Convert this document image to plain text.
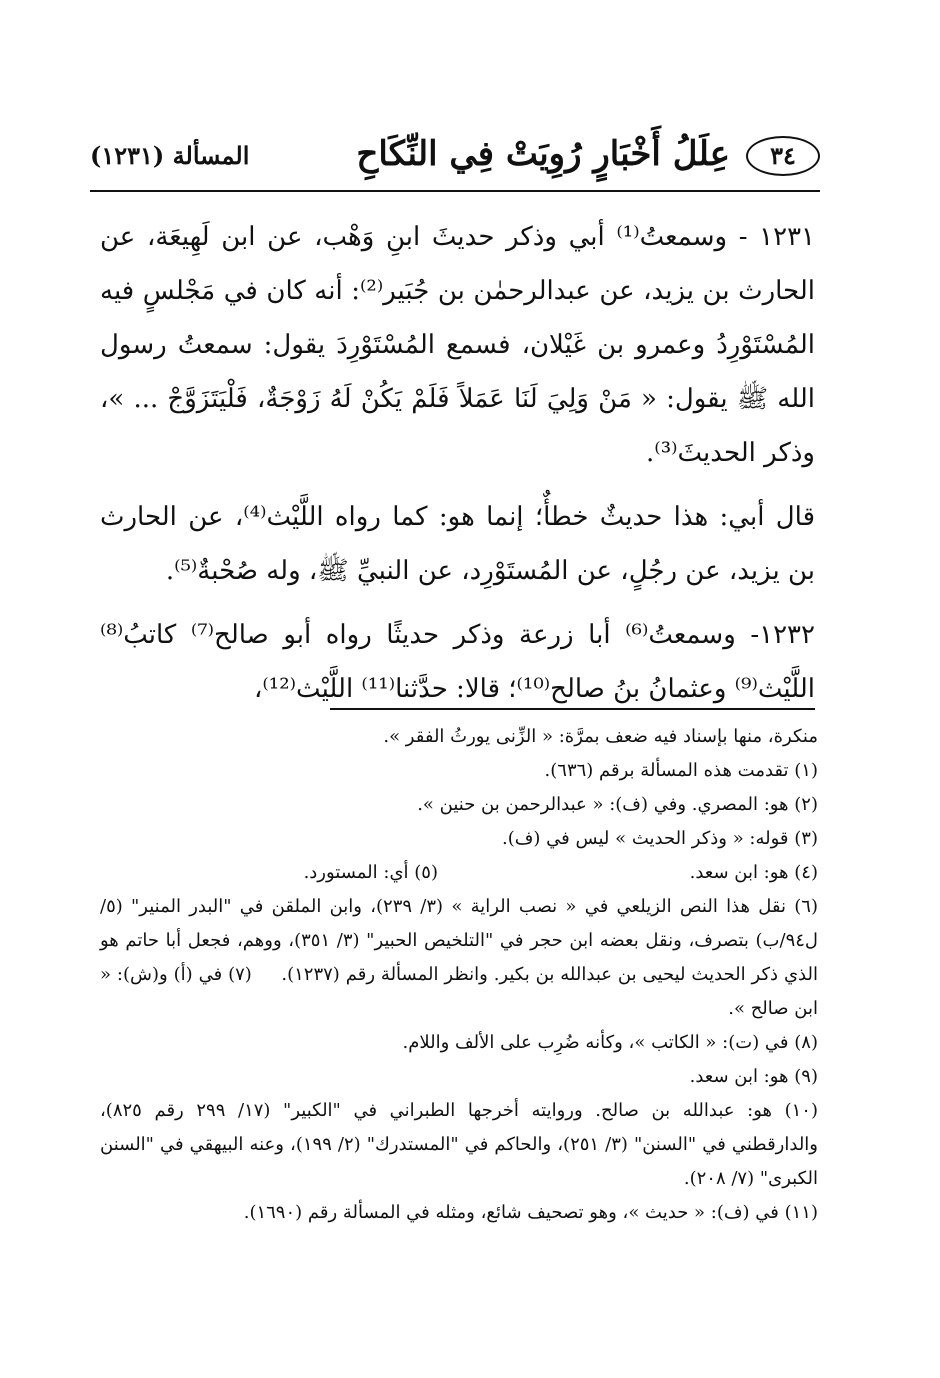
٣٤
عِلَلُ أَخْبَارٍ رُوِيَتْ فِي النِّكَاحِ
المسألة (١٢٣١)

١٢٣١ - وسمعتُ⁽¹⁾ أبي وذكر حديثَ ابنِ وَهْب، عن ابن لَهِيعَة، عن الحارث بن يزيد، عن عبدالرحمٰن بن جُبَير⁽²⁾: أنه كان في مَجْلسٍ فيه المُسْتَوْرِدُ وعمرو بن غَيْلان، فسمع المُسْتَوْرِدَ يقول: سمعتُ رسول الله ﷺ يقول: « مَنْ وَلِيَ لَنَا عَمَلاً فَلَمْ يَكُنْ لَهُ زَوْجَةٌ، فَلْيَتَزَوَّجْ ... »، وذكر الحديثَ⁽³⁾.

قال أبي: هذا حديثٌ خطأٌ؛ إنما هو: كما رواه اللَّيْث⁽⁴⁾، عن الحارث بن يزيد، عن رجُلٍ، عن المُستَوْرِد، عن النبيِّ ﷺ، وله صُحْبةٌ⁽⁵⁾.

١٢٣٢- وسمعتُ⁽⁶⁾ أبا زرعة وذكر حديثًا رواه أبو صالح⁽⁷⁾ كاتبُ⁽⁸⁾ اللَّيْث⁽⁹⁾ وعثمانُ بنُ صالح⁽¹⁰⁾؛ قالا: حدَّثنا⁽¹¹⁾ اللَّيْث⁽¹²⁾،

منكرة، منها بإسناد فيه ضعف بمرَّة: « الزِّنى يورثُ الفقر ».

(١) تقدمت هذه المسألة برقم (٦٣٦).

(٢) هو: المصري. وفي (ف): « عبدالرحمن بن حنين ».

(٣) قوله: « وذكر الحديث » ليس في (ف).

(٤) هو: ابن سعد.
(٥) أي: المستورد.

(٦) نقل هذا النص الزيلعي في « نصب الراية » (٣/ ٢٣٩)، وابن الملقن في "البدر المنير" (٥/ ل٩٤/ب) بتصرف، ونقل بعضه ابن حجر في "التلخيص الحبير" (٣/ ٣٥١)، ووهم، فجعل أبا حاتم هو الذي ذكر الحديث ليحيى بن عبدالله بن بكير. وانظر المسألة رقم (١٢٣٧).     (٧) في (أ) و(ش): « ابن صالح ».

(٨) في (ت): « الكاتب »، وكأنه ضُرِب على الألف واللام.

(٩) هو: ابن سعد.

(١٠) هو: عبدالله بن صالح. وروايته أخرجها الطبراني في "الكبير" (١٧/ ٢٩٩ رقم ٨٢٥)، والدارقطني في "السنن" (٣/ ٢٥١)، والحاكم في "المستدرك" (٢/ ١٩٩)، وعنه البيهقي في "السنن الكبرى" (٧/ ٢٠٨).

(١١) في (ف): « حديث »، وهو تصحيف شائع، ومثله في المسألة رقم (١٦٩٠).
